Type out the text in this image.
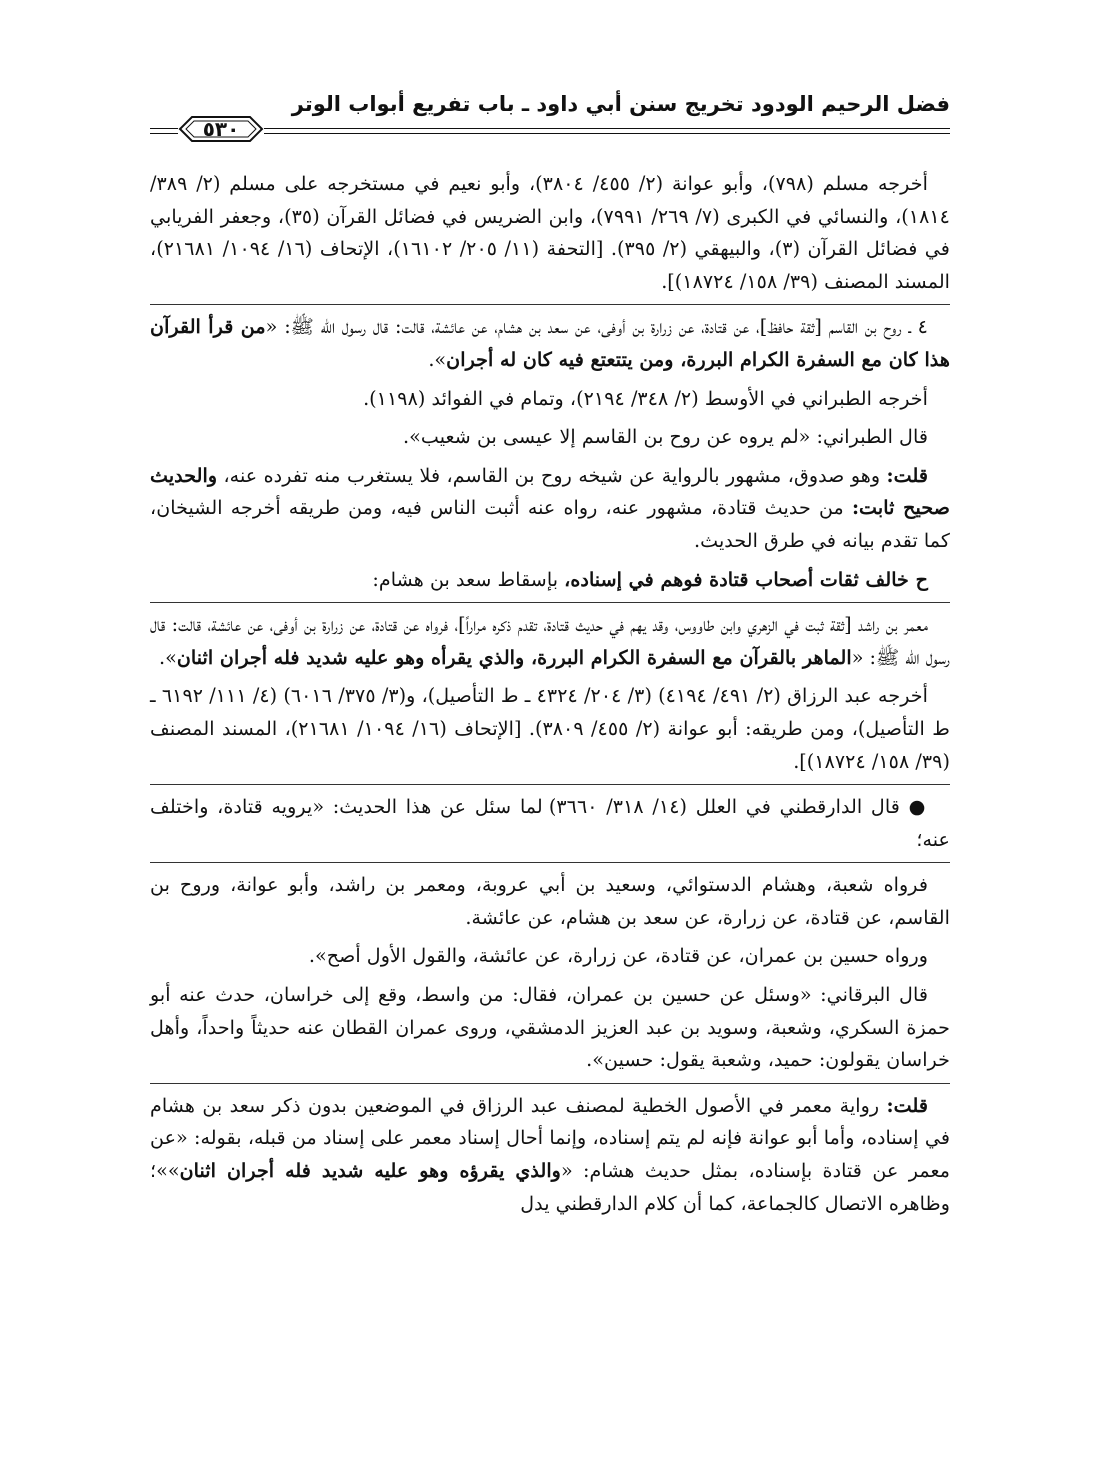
فضل الرحيم الودود تخريج سنن أبي داود ـ باب تفريع أبواب الوتر
٥٣٠

أخرجه مسلم (٧٩٨)، وأبو عوانة (٢/ ٤٥٥/ ٣٨٠٤)، وأبو نعيم في مستخرجه على مسلم (٢/ ٣٨٩/ ١٨١٤)، والنسائي في الكبرى (٧/ ٢٦٩/ ٧٩٩١)، وابن الضريس في فضائل القرآن (٣٥)، وجعفر الفريابي في فضائل القرآن (٣)، والبيهقي (٢/ ٣٩٥). [التحفة (١١/ ٢٠٥/ ١٦١٠٢)، الإتحاف (١٦/ ١٠٩٤/ ٢١٦٨١)، المسند المصنف (٣٩/ ١٥٨/ ١٨٧٢٤)].

٤ ـ روح بن القاسم [ثقة حافظ]، عن قتادة، عن زرارة بن أوفى، عن سعد بن هشام، عن عائشة، قالت: قال رسول الله ﷺ: «من قرأ القرآن هذا كان مع السفرة الكرام البررة، ومن يتتعتع فيه كان له أجران».

أخرجه الطبراني في الأوسط (٢/ ٣٤٨/ ٢١٩٤)، وتمام في الفوائد (١١٩٨).

قال الطبراني: «لم يروه عن روح بن القاسم إلا عيسى بن شعيب».

قلت: وهو صدوق، مشهور بالرواية عن شيخه روح بن القاسم، فلا يستغرب منه تفرده عنه، والحديث صحيح ثابت: من حديث قتادة، مشهور عنه، رواه عنه أثبت الناس فيه، ومن طريقه أخرجه الشيخان، كما تقدم بيانه في طرق الحديث.

ح خالف ثقات أصحاب قتادة فوهم في إسناده، بإسقاط سعد بن هشام:

معمر بن راشد [ثقة ثبت في الزهري وابن طاووس، وقد يهم في حديث قتادة، تقدم ذكره مراراً]، فرواه عن قتادة، عن زرارة بن أوفى، عن عائشة، قالت: قال رسول الله ﷺ: «الماهر بالقرآن مع السفرة الكرام البررة، والذي يقرأه وهو عليه شديد فله أجران اثنان».

أخرجه عبد الرزاق (٢/ ٤٩١/ ٤١٩٤) (٣/ ٢٠٤/ ٤٣٢٤ ـ ط التأصيل)، و(٣/ ٣٧٥/ ٦٠١٦) (٤/ ١١١/ ٦١٩٢ ـ ط التأصيل)، ومن طريقه: أبو عوانة (٢/ ٤٥٥/ ٣٨٠٩). [الإتحاف (١٦/ ١٠٩٤/ ٢١٦٨١)، المسند المصنف (٣٩/ ١٥٨/ ١٨٧٢٤)].

● قال الدارقطني في العلل (١٤/ ٣١٨/ ٣٦٦٠) لما سئل عن هذا الحديث: «يرويه قتادة، واختلف عنه؛

فرواه شعبة، وهشام الدستوائي، وسعيد بن أبي عروبة، ومعمر بن راشد، وأبو عوانة، وروح بن القاسم، عن قتادة، عن زرارة، عن سعد بن هشام، عن عائشة.

ورواه حسين بن عمران، عن قتادة، عن زرارة، عن عائشة، والقول الأول أصح».

قال البرقاني: «وسئل عن حسين بن عمران، فقال: من واسط، وقع إلى خراسان، حدث عنه أبو حمزة السكري، وشعبة، وسويد بن عبد العزيز الدمشقي، وروى عمران القطان عنه حديثاً واحداً، وأهل خراسان يقولون: حميد، وشعبة يقول: حسين».

قلت: رواية معمر في الأصول الخطية لمصنف عبد الرزاق في الموضعين بدون ذكر سعد بن هشام في إسناده، وأما أبو عوانة فإنه لم يتم إسناده، وإنما أحال إسناد معمر على إسناد من قبله، بقوله: «عن معمر عن قتادة بإسناده، بمثل حديث هشام: «والذي يقرؤه وهو عليه شديد فله أجران اثنان»»؛ وظاهره الاتصال كالجماعة، كما أن كلام الدارقطني يدل
